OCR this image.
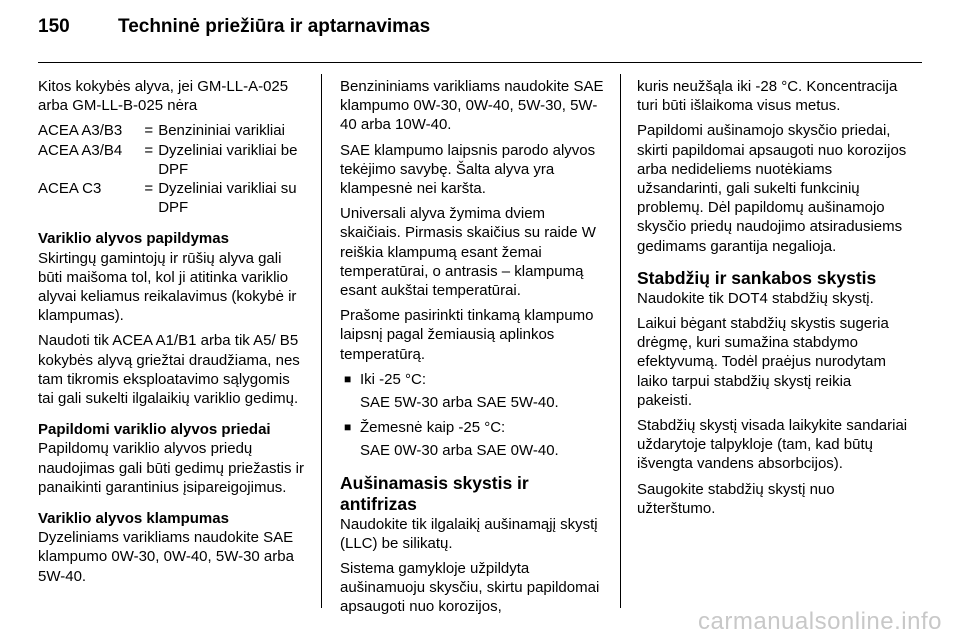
150	Techninė priežiūra ir aptarnavimas

Kitos kokybės alyva, jei GM-LL-A-025 arba GM-LL-B-025 nėra

ACEA A3/B3	= Benzininiai varikliai
ACEA A3/B4	= Dyzeliniai varikliai be DPF
ACEA C3	= Dyzeliniai varikliai su DPF
Variklio alyvos papildymas

Skirtingų gamintojų ir rūšių alyva gali būti maišoma tol, kol ji atitinka variklio alyvai keliamus reikalavimus (kokybė ir klampumas).

Naudoti tik ACEA A1/B1 arba tik A5/ B5 kokybės alyvą griežtai draudžiama, nes tam tikromis eksploatavimo sąlygomis tai gali sukelti ilgalaikių variklio gedimų.

Papildomi variklio alyvos priedai

Papildomų variklio alyvos priedų naudojimas gali būti gedimų priežastis ir panaikinti garantinius įsipareigojimus.

Variklio alyvos klampumas

Dyzeliniams varikliams naudokite SAE klampumo 0W-30, 0W-40, 5W-30 arba 5W-40.

Benzininiams varikliams naudokite SAE klampumo 0W-30, 0W-40, 5W-30, 5W-40 arba 10W-40.

SAE klampumo laipsnis parodo alyvos tekėjimo savybę. Šalta alyva yra klampesnė nei karšta.

Universali alyva žymima dviem skaičiais. Pirmasis skaičius su raide W reiškia klampumą esant žemai temperatūrai, o antrasis – klampumą esant aukštai temperatūrai.

Prašome pasirinkti tinkamą klampumo laipsnį pagal žemiausią aplinkos temperatūrą.

■ Iki -25 °C:

SAE 5W-30 arba SAE 5W-40.

■ Žemesnė kaip -25 °C:

SAE 0W-30 arba SAE 0W-40.

Aušinamasis skystis ir antifrizas

Naudokite tik ilgalaikį aušinamąjį skystį (LLC) be silikatų.

Sistema gamykloje užpildyta aušinamuoju skysčiu, skirtu papildomai apsaugoti nuo korozijos,

kuris neužšąla iki -28 °C. Koncentracija turi būti išlaikoma visus metus.

Papildomi aušinamojo skysčio priedai, skirti papildomai apsaugoti nuo korozijos arba nedideliems nuotėkiams užsandarinti, gali sukelti funkcinių problemų. Dėl papildomų aušinamojo skysčio priedų naudojimo atsiradusiems gedimams garantija negalioja.

Stabdžių ir sankabos skystis

Naudokite tik DOT4 stabdžių skystį.

Laikui bėgant stabdžių skystis sugeria drėgmę, kuri sumažina stabdymo efektyvumą. Todėl praėjus nurodytam laiko tarpui stabdžių skystį reikia pakeisti.

Stabdžių skystį visada laikykite sandariai uždarytoje talpykloje (tam, kad būtų išvengta vandens absorbcijos).

Saugokite stabdžių skystį nuo užterštumo.

carmanualsonline.info
